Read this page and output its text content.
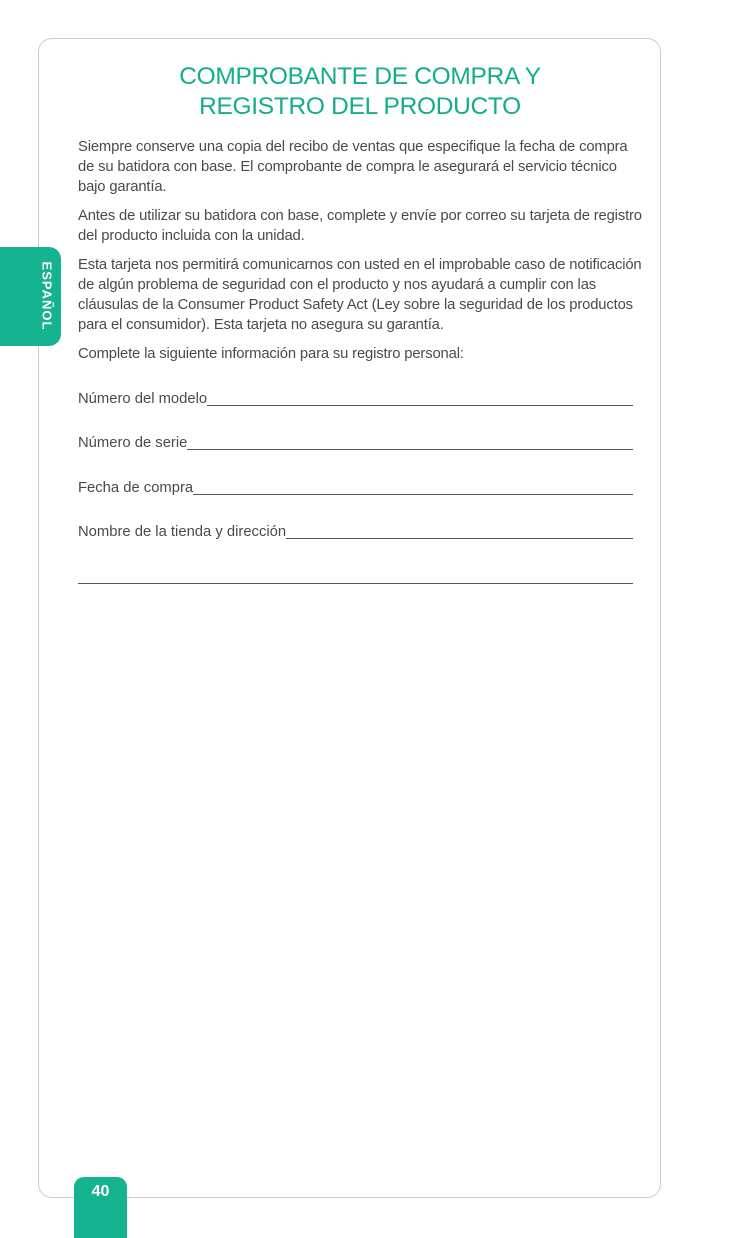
ESPAÑOL
COMPROBANTE DE COMPRA Y
REGISTRO DEL PRODUCTO

Siempre conserve una copia del recibo de ventas que especifique la fecha de compra de su batidora con base. El comprobante de compra le asegurará el servicio técnico bajo garantía.

Antes de utilizar su batidora con base, complete y envíe por correo su tarjeta de registro del producto incluida con la unidad.

Esta tarjeta nos permitirá comunicarnos con usted en el improbable caso de notificación de algún problema de seguridad con el producto y nos ayudará a cumplir con las cláusulas de la Consumer Product Safety Act (Ley sobre la seguridad de los productos para el consumidor). Esta tarjeta no asegura su garantía.

Complete la siguiente información para su registro personal:

Número del modelo
Número de serie
Fecha de compra
Nombre de la tienda y dirección
40
